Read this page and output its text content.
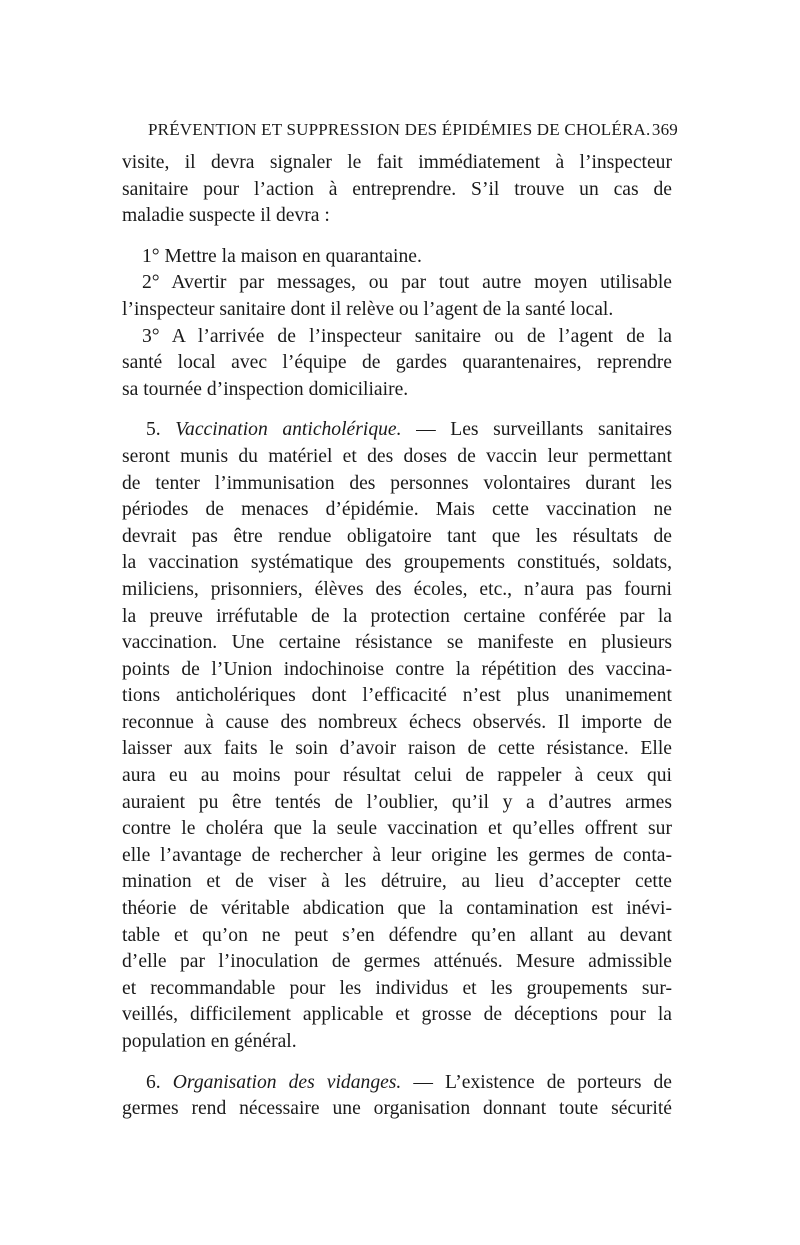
PRÉVENTION ET SUPPRESSION DES ÉPIDÉMIES DE CHOLÉRA. 369
visite, il devra signaler le fait immédiatement à l’inspecteur
sanitaire pour l’action à entreprendre. S’il trouve un cas de
maladie suspecte il devra :
1° Mettre la maison en quarantaine.
2° Avertir par messages, ou par tout autre moyen utilisable
l’inspecteur sanitaire dont il relève ou l’agent de la santé local.
3° A l’arrivée de l’inspecteur sanitaire ou de l’agent de la
santé local avec l’équipe de gardes quarantenaires, reprendre
sa tournée d’inspection domiciliaire.
5. Vaccination anticholérique. — Les surveillants sanitaires
seront munis du matériel et des doses de vaccin leur permettant
de tenter l’immunisation des personnes volontaires durant les
périodes de menaces d’épidémie. Mais cette vaccination ne
devrait pas être rendue obligatoire tant que les résultats de
la vaccination systématique des groupements constitués, soldats,
miliciens, prisonniers, élèves des écoles, etc., n’aura pas fourni
la preuve irréfutable de la protection certaine conférée par la
vaccination. Une certaine résistance se manifeste en plusieurs
points de l’Union indochinoise contre la répétition des vaccina-
tions anticholériques dont l’efficacité n’est plus unanimement
reconnue à cause des nombreux échecs observés. Il importe de
laisser aux faits le soin d’avoir raison de cette résistance. Elle
aura eu au moins pour résultat celui de rappeler à ceux qui
auraient pu être tentés de l’oublier, qu’il y a d’autres armes
contre le choléra que la seule vaccination et qu’elles offrent sur
elle l’avantage de rechercher à leur origine les germes de conta-
mination et de viser à les détruire, au lieu d’accepter cette
théorie de véritable abdication que la contamination est inévi-
table et qu’on ne peut s’en défendre qu’en allant au devant
d’elle par l’inoculation de germes atténués. Mesure admissible
et recommandable pour les individus et les groupements sur-
veillés, difficilement applicable et grosse de déceptions pour la
population en général.
6. Organisation des vidanges. — L’existence de porteurs de
germes rend nécessaire une organisation donnant toute sécurité
